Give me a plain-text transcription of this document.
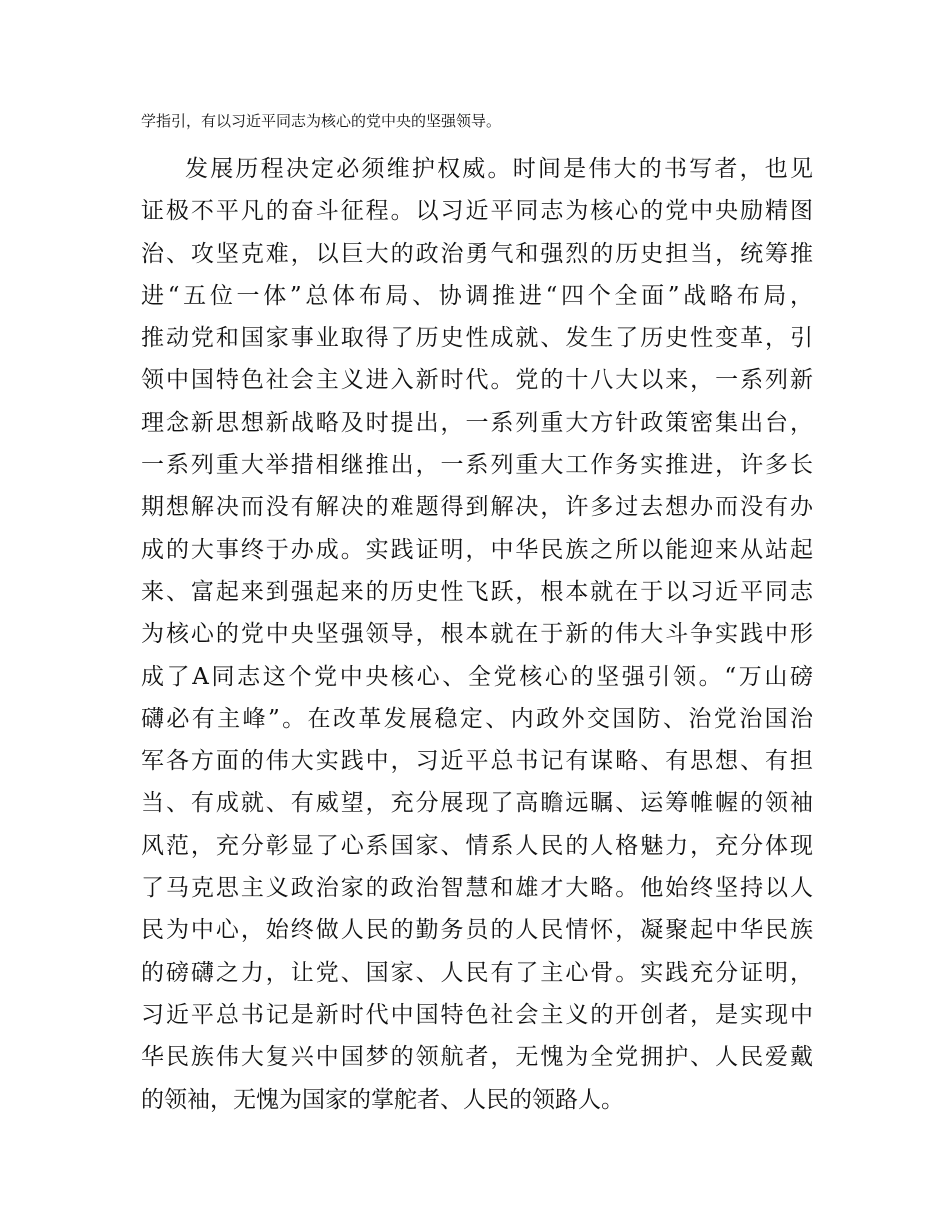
学指引，有以习近平同志为核心的党中央的坚强领导。

发展历程决定必须维护权威。时间是伟大的书写者，也见
证极不平凡的奋斗征程。以习近平同志为核心的党中央励精图
治、攻坚克难，以巨大的政治勇气和强烈的历史担当，统筹推
进“五位一体”总体布局、协调推进“四个全面”战略布局，
推动党和国家事业取得了历史性成就、发生了历史性变革，引
领中国特色社会主义进入新时代。党的十八大以来，一系列新
理念新思想新战略及时提出，一系列重大方针政策密集出台，
一系列重大举措相继推出，一系列重大工作务实推进，许多长
期想解决而没有解决的难题得到解决，许多过去想办而没有办
成的大事终于办成。实践证明，中华民族之所以能迎来从站起
来、富起来到强起来的历史性飞跃，根本就在于以习近平同志
为核心的党中央坚强领导，根本就在于新的伟大斗争实践中形
成了A同志这个党中央核心、全党核心的坚强引领。“万山磅
礴必有主峰”。在改革发展稳定、内政外交国防、治党治国治
军各方面的伟大实践中，习近平总书记有谋略、有思想、有担
当、有成就、有威望，充分展现了高瞻远瞩、运筹帷幄的领袖
风范，充分彰显了心系国家、情系人民的人格魅力，充分体现
了马克思主义政治家的政治智慧和雄才大略。他始终坚持以人
民为中心，始终做人民的勤务员的人民情怀，凝聚起中华民族
的磅礴之力，让党、国家、人民有了主心骨。实践充分证明，
习近平总书记是新时代中国特色社会主义的开创者，是实现中
华民族伟大复兴中国梦的领航者，无愧为全党拥护、人民爱戴
的领袖，无愧为国家的掌舵者、人民的领路人。
